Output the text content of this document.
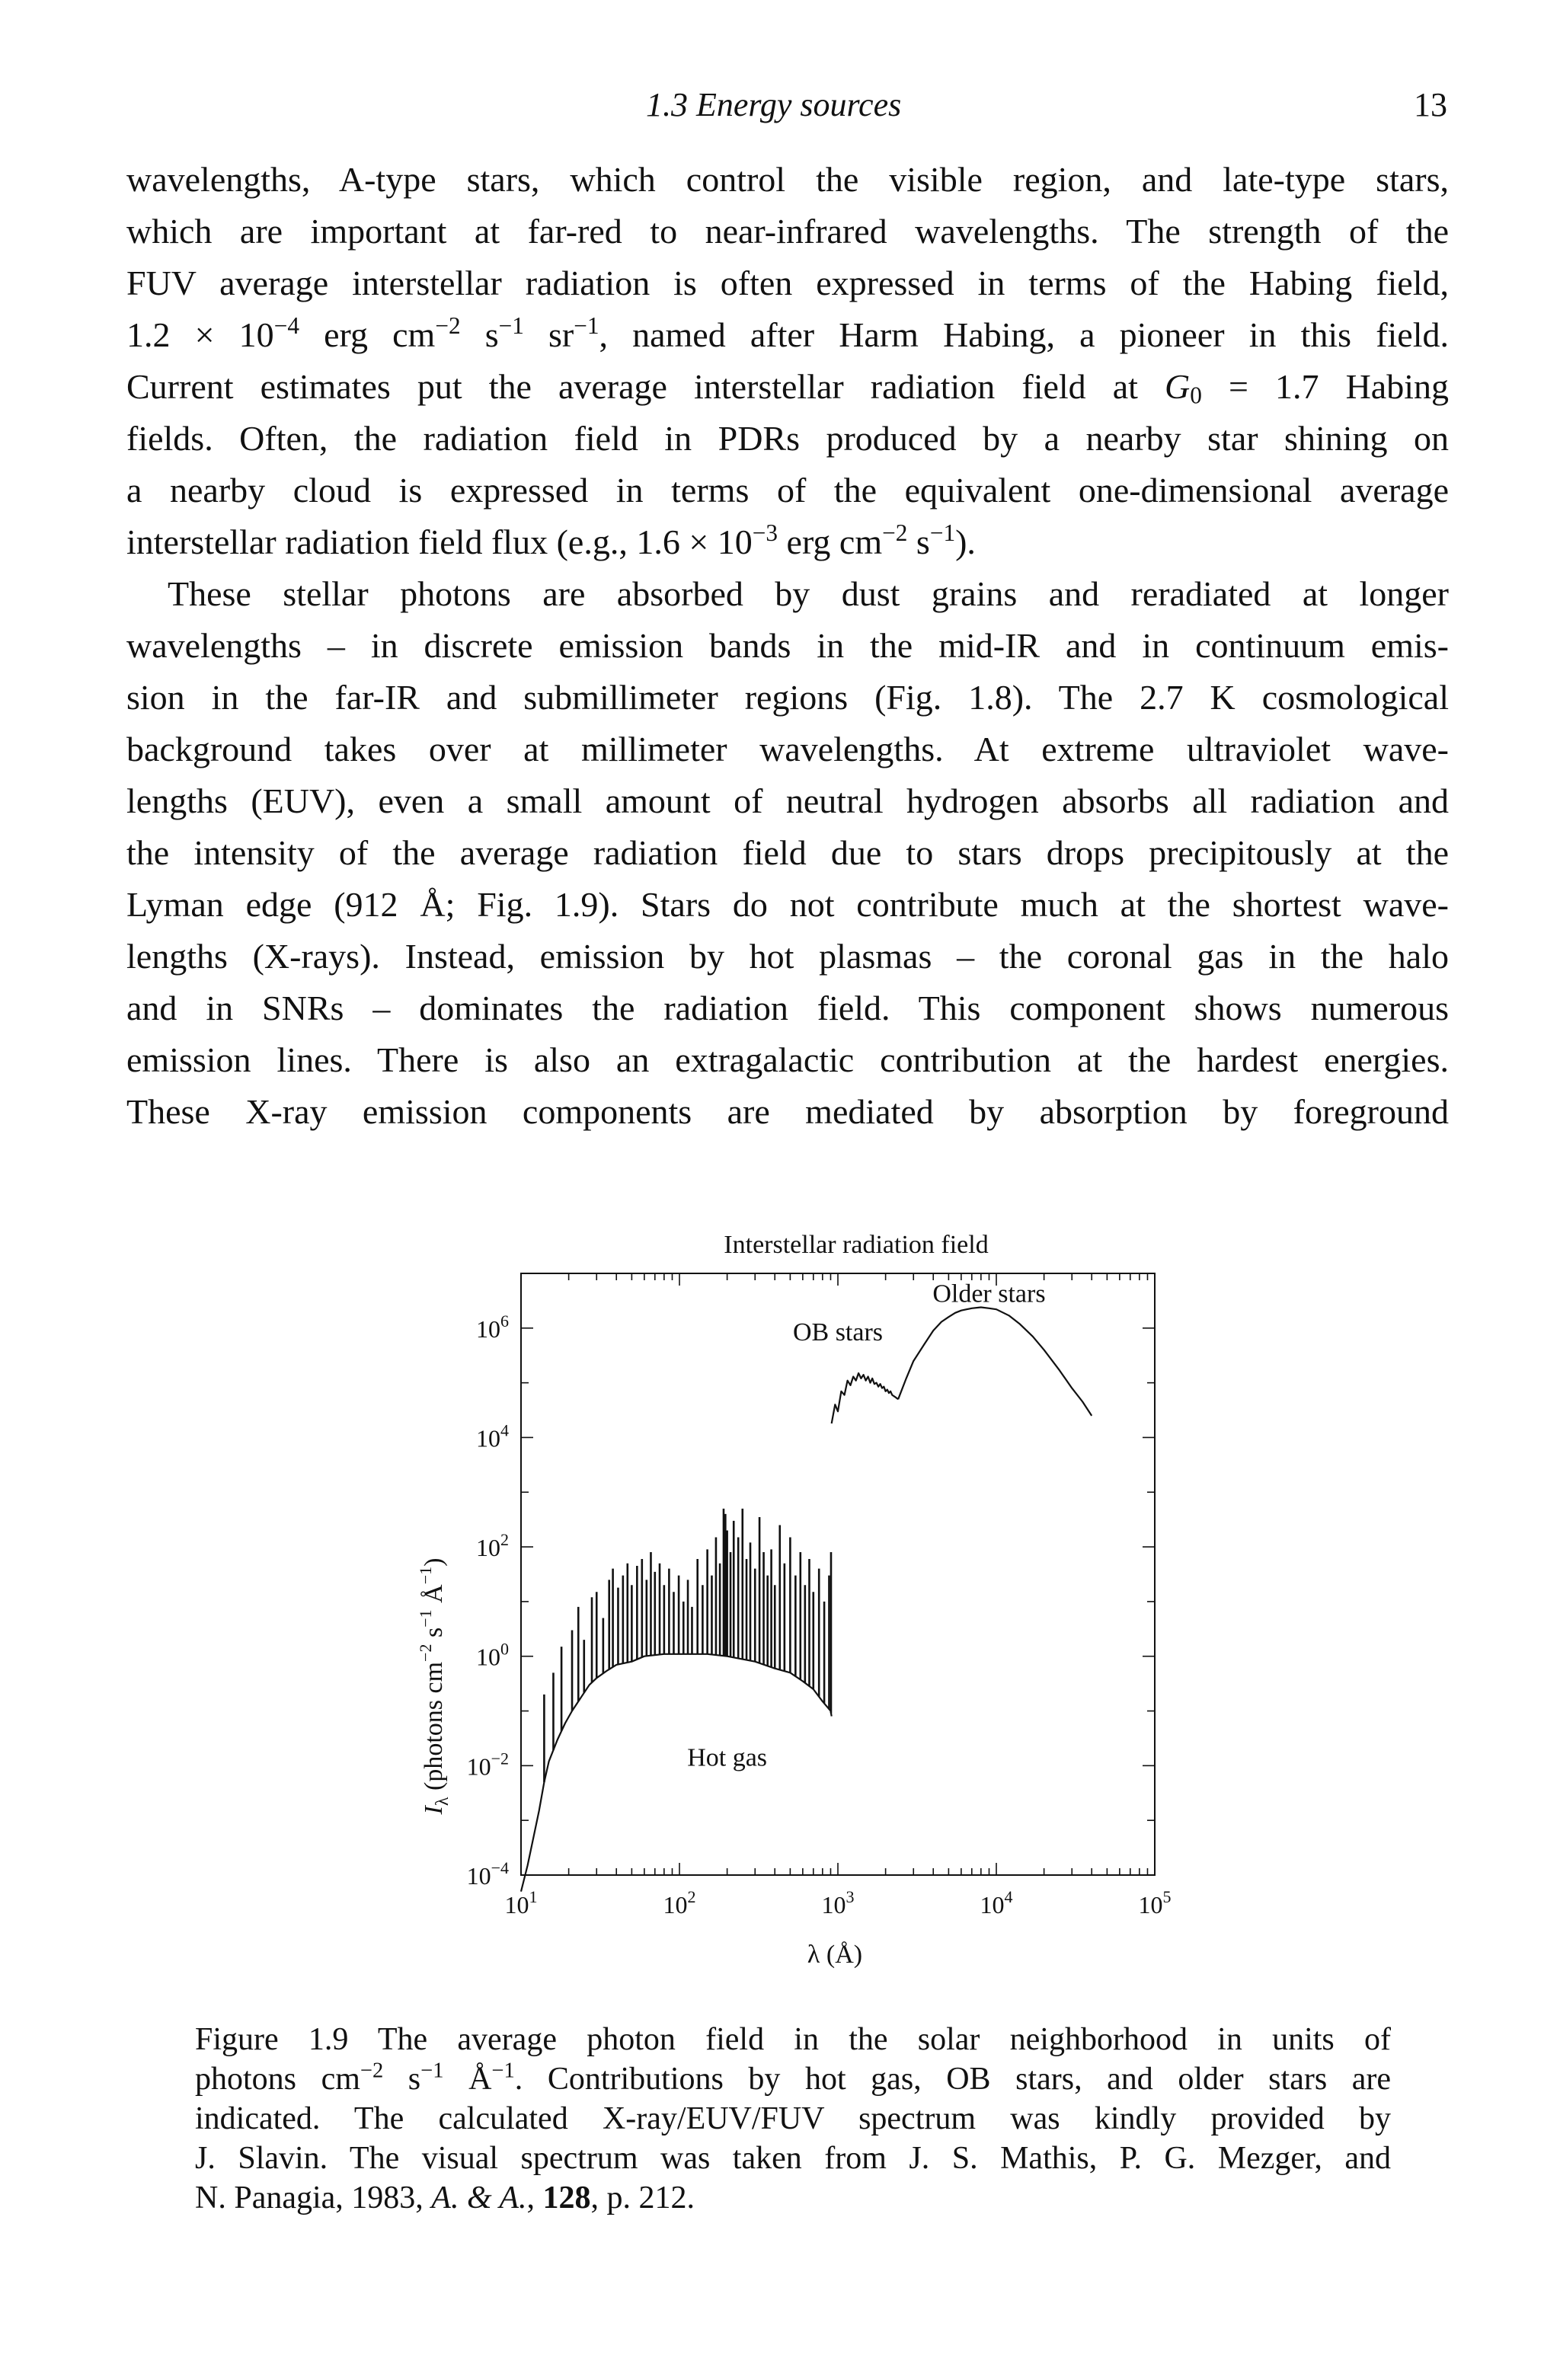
1.3 Energy sources	13

wavelengths, A-type stars, which control the visible region, and late-type stars,
which are important at far-red to near-infrared wavelengths. The strength of the
FUV average interstellar radiation is often expressed in terms of the Habing field,
$1.2 \times 10^{-4}$ erg $cm^{-2}$ $s^{-1}$ $sr^{-1}$, named after Harm Habing, a pioneer in this field.
Current estimates put the average interstellar radiation field at $G_0 = 1.7$ Habing
fields. Often, the radiation field in PDRs produced by a nearby star shining on
a nearby cloud is expressed in terms of the equivalent one-dimensional average
interstellar radiation field flux (e.g., $1.6 \times 10^{-3}$ erg $cm^{-2}$ $s^{-1}$).

These stellar photons are absorbed by dust grains and reradiated at longer
wavelengths – in discrete emission bands in the mid-IR and in continuum emis-
sion in the far-IR and submillimeter regions (Fig. 1.8). The 2.7 K cosmological
background takes over at millimeter wavelengths. At extreme ultraviolet wave-
lengths (EUV), even a small amount of neutral hydrogen absorbs all radiation and
the intensity of the average radiation field due to stars drops precipitously at the
Lyman edge (912 Å; Fig. 1.9). Stars do not contribute much at the shortest wave-
lengths (X-rays). Instead, emission by hot plasmas – the coronal gas in the halo
and in SNRs – dominates the radiation field. This component shows numerous
emission lines. There is also an extragalactic contribution at the hardest energies.
These X-ray emission components are mediated by absorption by foreground

$10^1$	$10^2$	$10^3$	$10^4$	$10^5$
$10^{-4}$
$10^{-2}$
$10^0$
$10^2$
$10^4$
$10^6$
Hot gas
OB stars
Older stars
Interstellar radiation field
λ (Å)
$I_\lambda$ (photons $cm^{-2}$ $s^{-1}$ $Å^{-1}$)
Figure 1.9 The average photon field in the solar neighborhood in units of
photons $cm^{-2}$ $s^{-1}$ $Å^{-1}$. Contributions by hot gas, OB stars, and older stars are
indicated. The calculated X-ray/EUV/FUV spectrum was kindly provided by
J. Slavin. The visual spectrum was taken from J. S. Mathis, P. G. Mezger, and
N. Panagia, 1983, A. & A., 128, p. 212.
